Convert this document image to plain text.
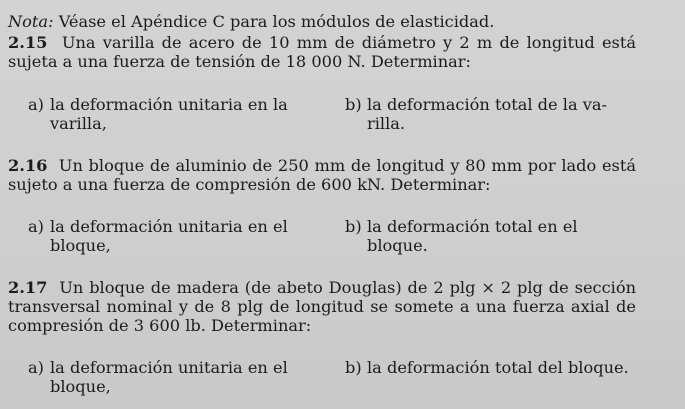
Nota: Véase el Apéndice C para los módulos de elasticidad.
2.15 Una varilla de acero de 10 mm de diámetro y 2 m de longitud está
sujeta a una fuerza de tensión de 18 000 N. Determinar:
a) la deformación unitaria en la
varilla,
b) la deformación total de la va-
rilla.
2.16 Un bloque de aluminio de 250 mm de longitud y 80 mm por lado está
sujeto a una fuerza de compresión de 600 kN. Determinar:
a) la deformación unitaria en el
bloque,
b) la deformación total en el
bloque.
2.17 Un bloque de madera (de abeto Douglas) de 2 plg × 2 plg de sección
transversal nominal y de 8 plg de longitud se somete a una fuerza axial de
compresión de 3 600 lb. Determinar:
a) la deformación unitaria en el
bloque,
b) la deformación total del bloque.
